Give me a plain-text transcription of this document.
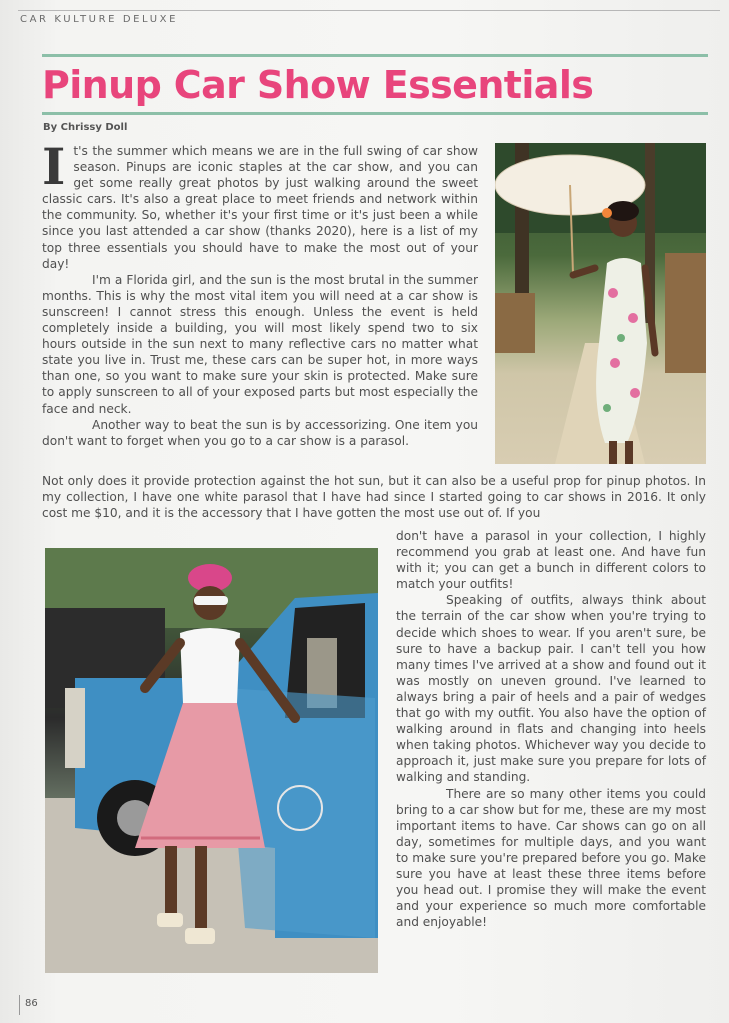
CAR KULTURE DELUXE
Pinup Car Show Essentials
By Chrissy Doll

It's the summer which means we are in the full swing of car show season. Pinups are iconic staples at the car show, and you can get some really great photos by just walking around the sweet classic cars. It's also a great place to meet friends and network within the community. So, whether it's your first time or it's just been a while since you last attended a car show (thanks 2020), here is a list of my top three essentials you should have to make the most out of your day!

I'm a Florida girl, and the sun is the most brutal in the summer months. This is why the most vital item you will need at a car show is sunscreen! I cannot stress this enough. Unless the event is held completely inside a building, you will most likely spend two to six hours outside in the sun next to many reflective cars no matter what state you live in. Trust me, these cars can be super hot, in more ways than one, so you want to make sure your skin is protected. Make sure to apply sunscreen to all of your exposed parts but most especially the face and neck.

Another way to beat the sun is by accessorizing. One item you don't want to forget when you go to a car show is a parasol.

Not only does it provide protection against the hot sun, but it can also be a useful prop for pinup photos. In my collection, I have one white parasol that I have had since I started going to car shows in 2016. It only cost me $10, and it is the accessory that I have gotten the most use out of. If you

don't have a parasol in your collection, I highly recommend you grab at least one. And have fun with it; you can get a bunch in different colors to match your outfits!

Speaking of outfits, always think about the terrain of the car show when you're trying to decide which shoes to wear. If you aren't sure, be sure to have a backup pair. I can't tell you how many times I've arrived at a show and found out it was mostly on uneven ground. I've learned to always bring a pair of heels and a pair of wedges that go with my outfit. You also have the option of walking around in flats and changing into heels when taking photos. Whichever way you decide to approach it, just make sure you prepare for lots of walking and standing.

There are so many other items you could bring to a car show but for me, these are my most important items to have. Car shows can go on all day, sometimes for multiple days, and you want to make sure you're prepared before you go. Make sure you have at least these three items before you head out. I promise they will make the event and your experience so much more comfortable and enjoyable!

86
